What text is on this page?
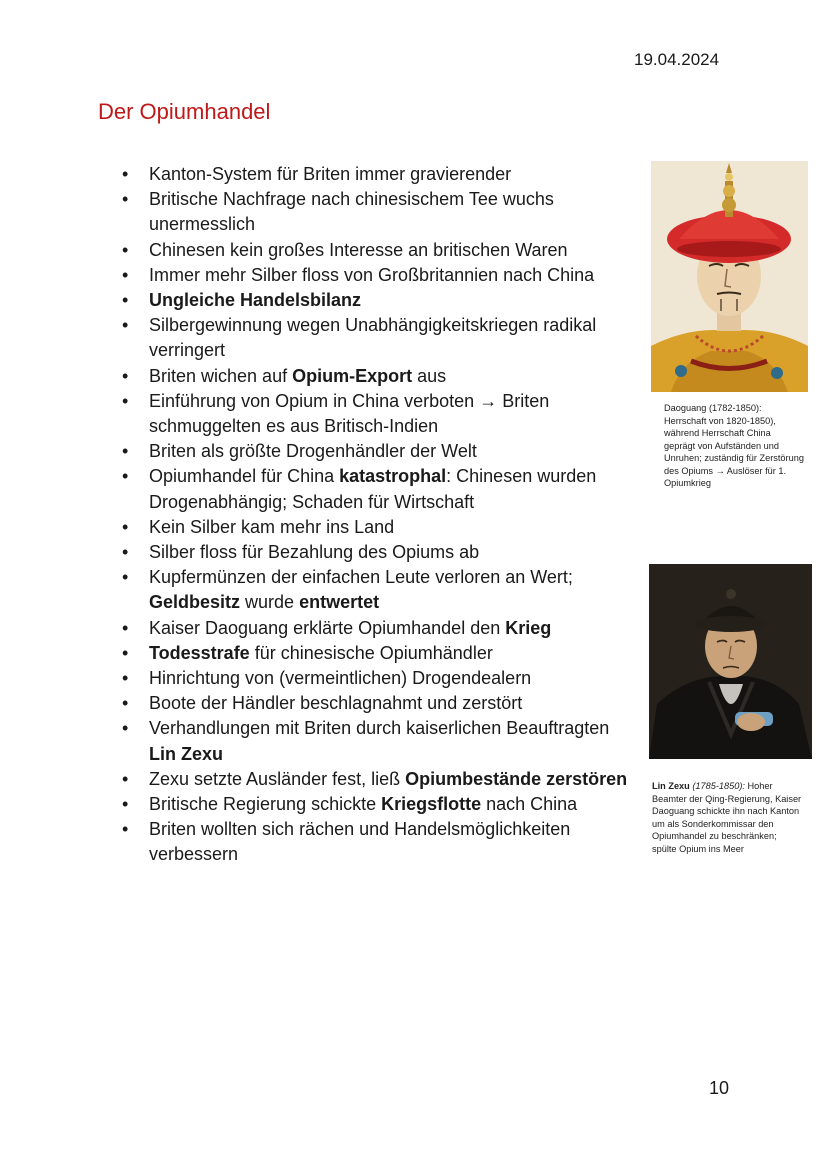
19.04.2024
Der Opiumhandel
• Kanton-System für Briten immer gravierender
• Britische Nachfrage nach chinesischem Tee wuchs unermesslich
• Chinesen kein großes Interesse an britischen Waren
• Immer mehr Silber floss von Großbritannien nach China
• Ungleiche Handelsbilanz
• Silbergewinnung wegen Unabhängigkeitskriegen radikal verringert
• Briten wichen auf Opium-Export aus
• Einführung von Opium in China verboten → Briten schmuggelten es aus Britisch-Indien
• Briten als größte Drogenhändler der Welt
• Opiumhandel für China katastrophal: Chinesen wurden Drogenabhängig; Schaden für Wirtschaft
• Kein Silber kam mehr ins Land
• Silber floss für Bezahlung des Opiums ab
• Kupfermünzen der einfachen Leute verloren an Wert; Geldbesitz wurde entwertet
• Kaiser Daoguang erklärte Opiumhandel den Krieg
• Todesstrafe für chinesische Opiumhändler
• Hinrichtung von (vermeintlichen) Drogendealern
• Boote der Händler beschlagnahmt und zerstört
• Verhandlungen mit Briten durch kaiserlichen Beauftragten Lin Zexu
• Zexu setzte Ausländer fest, ließ Opiumbestände zerstören
• Britische Regierung schickte Kriegsflotte nach China
• Briten wollten sich rächen und Handelsmöglichkeiten verbessern
Daoguang (1782-1850): Herrschaft von 1820-1850), während Herrschaft China geprägt von Aufständen und Unruhen; zuständig für Zerstörung des Opiums → Auslöser für 1. Opiumkrieg
Lin Zexu (1785-1850): Hoher Beamter der Qing-Regierung, Kaiser Daoguang schickte ihn nach Kanton um als Sonderkommissar den Opiumhandel zu beschränken; spülte Opium ins Meer
10
